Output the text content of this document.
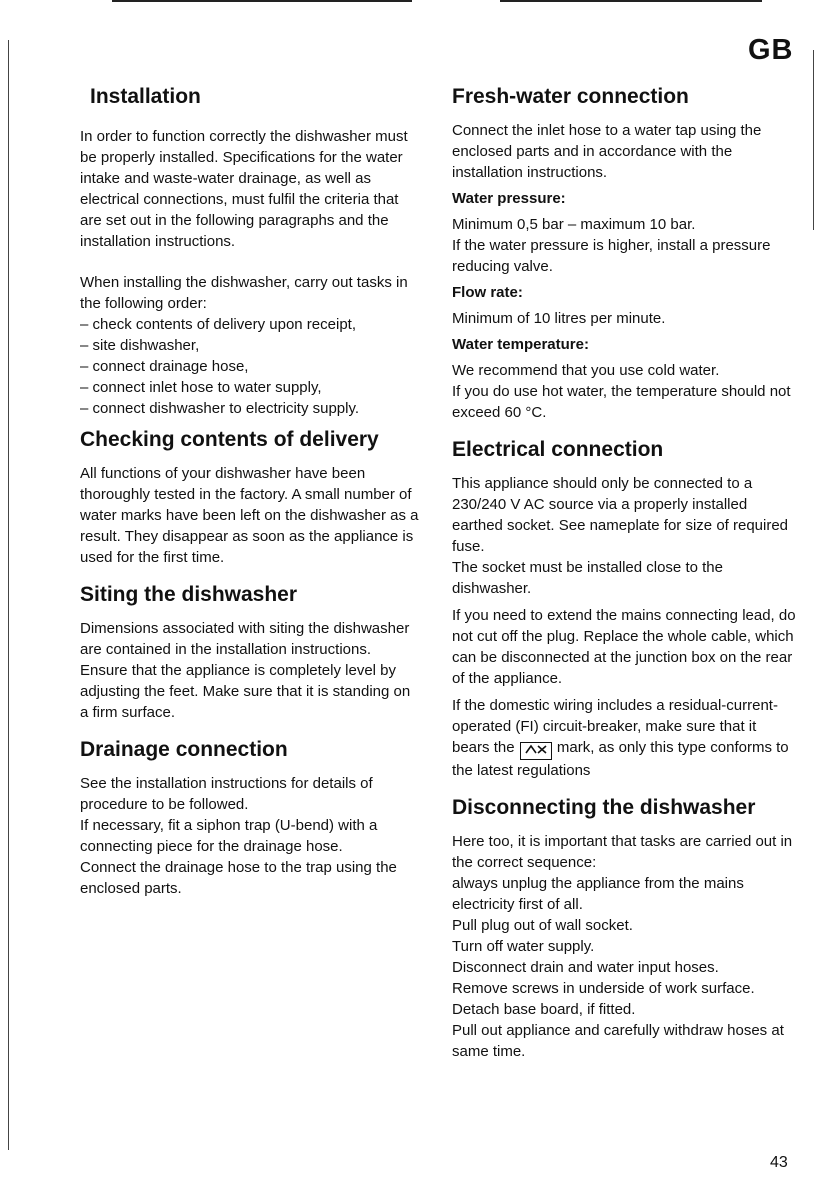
GB
Installation

In order to function correctly the dishwasher must be properly installed. Specifications for the water intake and waste-water drainage, as well as electrical connections, must fulfil the criteria that are set out in the following paragraphs and the installation instructions.

When installing the dishwasher, carry out tasks in the following order:

– check contents of delivery upon receipt,
– site dishwasher,
– connect drainage hose,
– connect inlet hose to water supply,
– connect dishwasher to electricity supply.
Checking contents of delivery

All functions of your dishwasher have been thoroughly tested in the factory. A small number of water marks have been left on the dishwasher as a result. They disappear as soon as the appliance is used for the first time.

Siting the dishwasher

Dimensions associated with siting the dishwasher are contained in the installation instructions. Ensure that the appliance is completely level by adjusting the feet. Make sure that it is standing on a firm surface.

Drainage connection

See the installation instructions for details of procedure to be followed.

If necessary, fit a siphon trap (U-bend) with a connecting piece for the drainage hose.

Connect the drainage hose to the trap using the enclosed parts.

Fresh-water connection

Connect the inlet hose to a water tap using the enclosed parts and in accordance with the installation instructions.

Water pressure:

Minimum 0,5 bar – maximum 10 bar.

If the water pressure is higher, install a pressure reducing valve.

Flow rate:

Minimum of 10 litres per minute.

Water temperature:

We recommend that you use cold water.

If you do use hot water, the temperature should not exceed 60 °C.

Electrical connection

This appliance should only be connected to a 230/240 V AC source via a properly installed earthed socket. See nameplate for size of required fuse.

The socket must be installed close to the dishwasher.

If you need to extend the mains connecting lead, do not cut off the plug. Replace the whole cable, which can be disconnected at the junction box on the rear of the appliance.

If the domestic wiring includes a residual-current-operated (FI) circuit-breaker, make sure that it bears the	mark, as only this type conforms to the latest regulations

Disconnecting the dishwasher

Here too, it is important that tasks are carried out in the correct sequence:

always unplug the appliance from the mains electricity first of all.

Pull plug out of wall socket.

Turn off water supply.

Disconnect drain and water input hoses.

Remove screws in underside of work surface. Detach base board, if fitted.

Pull out appliance and carefully withdraw hoses at same time.

43
